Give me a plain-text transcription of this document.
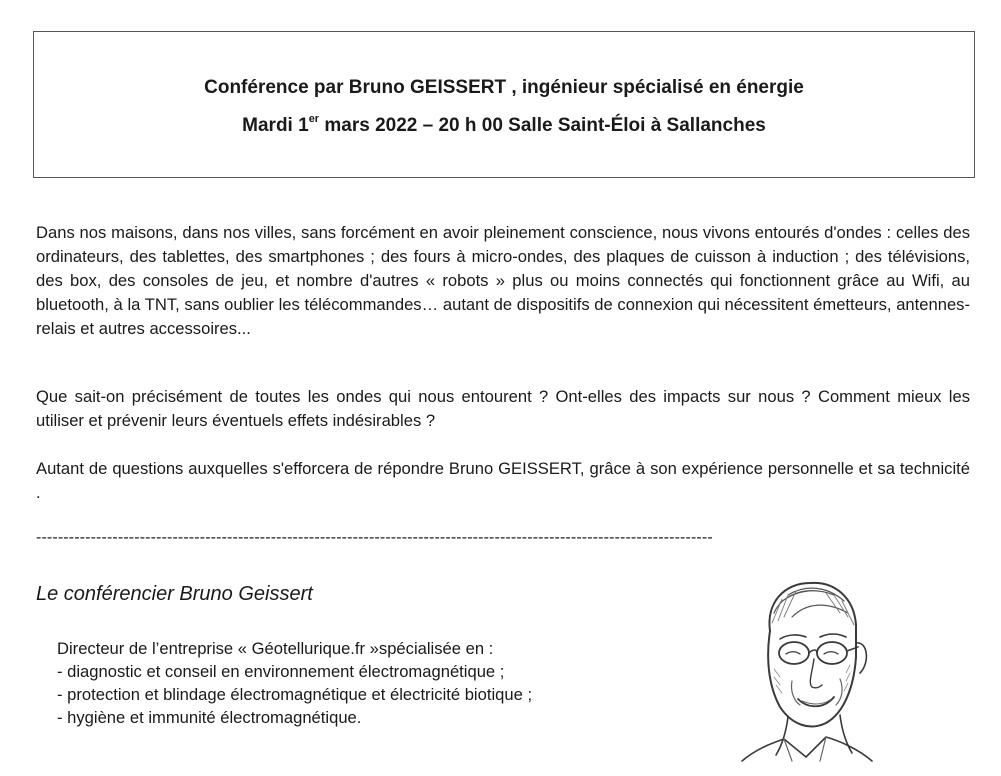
Conférence par Bruno GEISSERT , ingénieur spécialisé en énergie
Mardi 1er mars 2022 – 20 h 00 Salle Saint-Éloi à Sallanches

Dans nos maisons, dans nos villes, sans forcément en avoir pleinement conscience, nous vivons entourés d'ondes : celles des ordinateurs, des tablettes, des smartphones ; des fours à micro-ondes, des plaques de cuisson à induction ; des télévisions, des box, des consoles de jeu, et nombre d'autres « robots » plus ou moins connectés qui fonctionnent grâce au Wifi, au bluetooth, à la TNT, sans oublier les télécommandes… autant de dispositifs de connexion qui nécessitent émetteurs, antennes-relais et autres accessoires...

Que sait-on précisément de toutes les ondes qui nous entourent ? Ont-elles des impacts sur nous ? Comment mieux les utiliser et prévenir leurs éventuels effets indésirables ?

Autant de questions auxquelles s'efforcera de répondre Bruno GEISSERT, grâce à son expérience personnelle et sa technicité .

----------------------------------------------------------------------------------------------------------------------------
Le conférencier Bruno Geissert
Directeur de l’entreprise « Géotellurique.fr »spécialisée en :
- diagnostic et conseil en environnement électromagnétique ;
- protection et blindage électromagnétique et électricité biotique ;
- hygiène et immunité électromagnétique.
